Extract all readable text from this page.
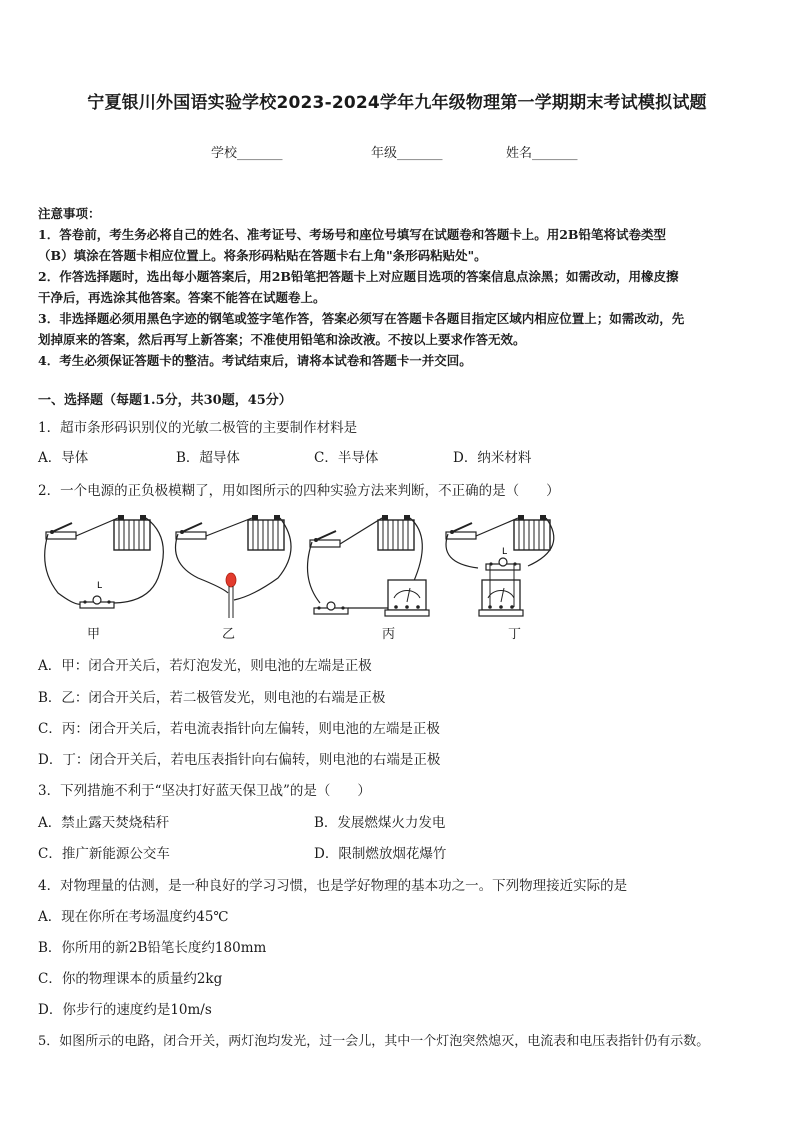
宁夏银川外国语实验学校2023-2024学年九年级物理第一学期期末考试模拟试题
学校_______	年级_______	姓名_______
注意事项：
1．答卷前，考生务必将自己的姓名、准考证号、考场号和座位号填写在试题卷和答题卡上。用2B铅笔将试卷类型
（B）填涂在答题卡相应位置上。将条形码粘贴在答题卡右上角"条形码粘贴处"。
2．作答选择题时，选出每小题答案后，用2B铅笔把答题卡上对应题目选项的答案信息点涂黑；如需改动，用橡皮擦
干净后，再选涂其他答案。答案不能答在试题卷上。
3．非选择题必须用黑色字迹的钢笔或签字笔作答，答案必须写在答题卡各题目指定区域内相应位置上；如需改动，先
划掉原来的答案，然后再写上新答案；不准使用铅笔和涂改液。不按以上要求作答无效。
4．考生必须保证答题卡的整洁。考试结束后，请将本试卷和答题卡一并交回。
一、选择题（每题1.5分，共30题，45分）
1．超市条形码识别仪的光敏二极管的主要制作材料是
A．导体	B．超导体	C．半导体	D．纳米材料
2．一个电源的正负极模糊了，用如图所示的四种实验方法来判断，不正确的是（　　）
L
L
甲	乙	丙	丁
A．甲：闭合开关后，若灯泡发光，则电池的左端是正极
B．乙：闭合开关后，若二极管发光，则电池的右端是正极
C．丙：闭合开关后，若电流表指针向左偏转，则电池的左端是正极
D．丁：闭合开关后，若电压表指针向右偏转，则电池的右端是正极
3．下列措施不利于“坚决打好蓝天保卫战”的是（　　）
A．禁止露天焚烧秸秆	B．发展燃煤火力发电
C．推广新能源公交车	D．限制燃放烟花爆竹
4．对物理量的估测，是一种良好的学习习惯，也是学好物理的基本功之一。下列物理接近实际的是
A．现在你所在考场温度约45℃
B．你所用的新2B铅笔长度约180mm
C．你的物理课本的质量约2kg
D．你步行的速度约是10m/s
5．如图所示的电路，闭合开关，两灯泡均发光，过一会儿，其中一个灯泡突然熄灭，电流表和电压表指针仍有示数。
